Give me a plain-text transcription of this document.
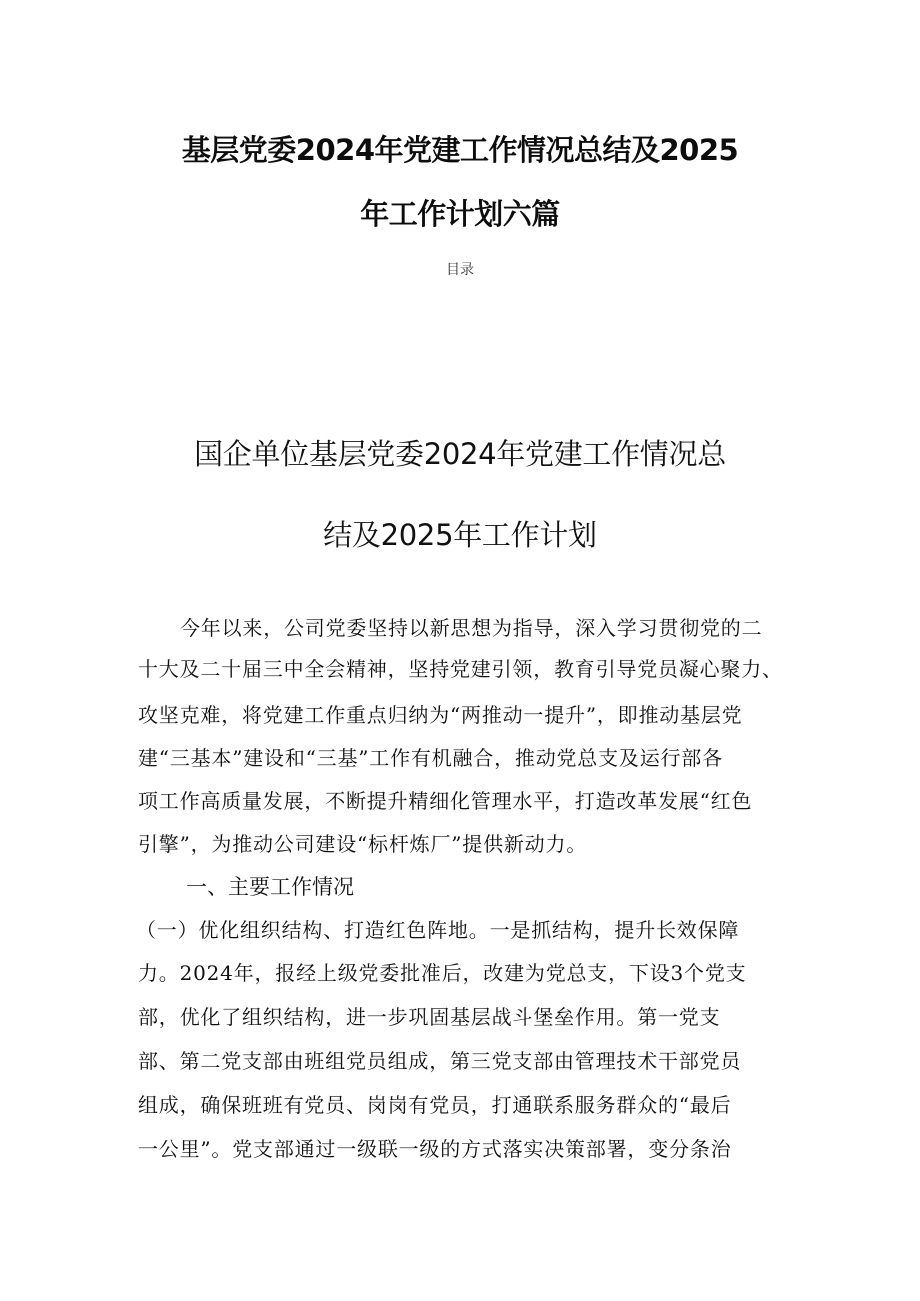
基层党委2024年党建工作情况总结及2025
年工作计划六篇
目录
国企单位基层党委2024年党建工作情况总
结及2025年工作计划
今年以来，公司党委坚持以新思想为指导，深入学习贯彻党的二
十大及二十届三中全会精神，坚持党建引领，教育引导党员凝心聚力、
攻坚克难，将党建工作重点归纳为“两推动一提升”，即推动基层党
建“三基本”建设和“三基”工作有机融合，推动党总支及运行部各
项工作高质量发展，不断提升精细化管理水平，打造改革发展“红色
引擎”，为推动公司建设“标杆炼厂”提供新动力。
一、主要工作情况
（一）优化组织结构、打造红色阵地。一是抓结构，提升长效保障
力。2024年，报经上级党委批准后，改建为党总支，下设3个党支
部，优化了组织结构，进一步巩固基层战斗堡垒作用。第一党支
部、第二党支部由班组党员组成，第三党支部由管理技术干部党员
组成，确保班班有党员、岗岗有党员，打通联系服务群众的“最后
一公里”。党支部通过一级联一级的方式落实决策部署，变分条治
